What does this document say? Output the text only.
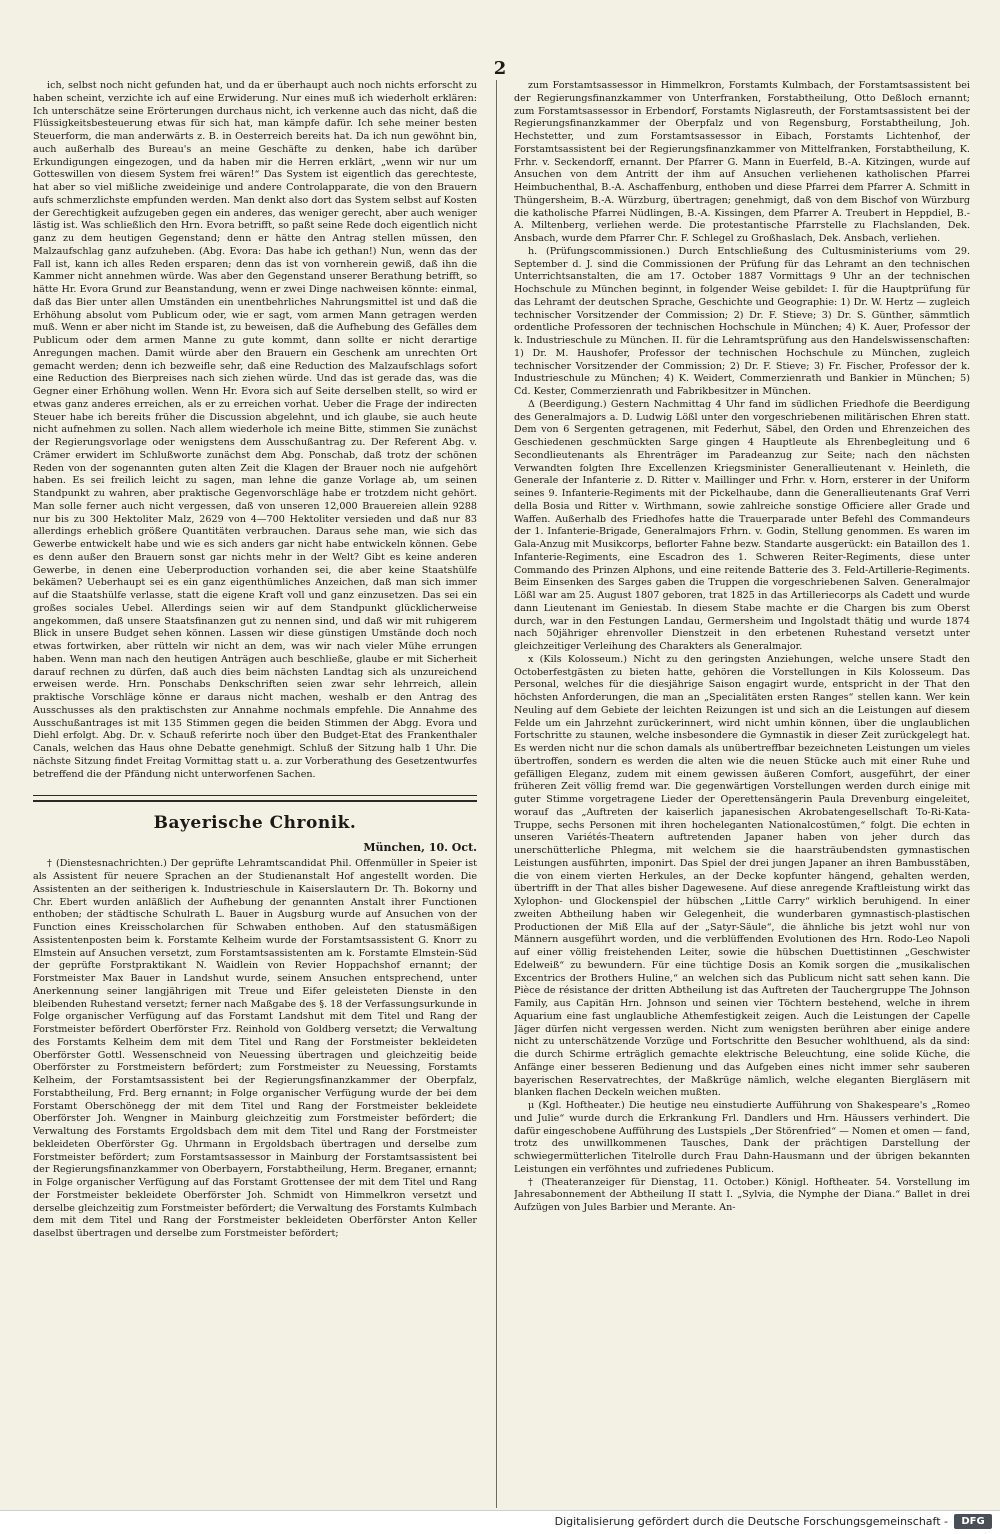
2

ich, selbst noch nicht gefunden hat, und da er überhaupt auch noch nichts erforscht zu haben scheint, verzichte ich auf eine Erwiderung. Nur eines muß ich wiederholt erklären: Ich unterschätze seine Erörterungen durchaus nicht, ich verkenne auch das nicht, daß die Flüssigkeitsbesteuerung etwas für sich hat, man kämpfe dafür. Ich sehe meiner besten Steuerform, die man anderwärts z. B. in Oesterreich bereits hat. Da ich nun gewöhnt bin, auch außerhalb des Bureau's an meine Geschäfte zu denken, habe ich darüber Erkundigungen eingezogen, und da haben mir die Herren erklärt, „wenn wir nur um Gotteswillen von diesem System frei wären!“ Das System ist eigentlich das gerechteste, hat aber so viel mißliche zweideinige und andere Controlapparate, die von den Brauern aufs schmerzlichste empfunden werden. Man denkt also dort das System selbst auf Kosten der Gerechtigkeit aufzugeben gegen ein anderes, das weniger gerecht, aber auch weniger lästig ist. Was schließlich den Hrn. Evora betrifft, so paßt seine Rede doch eigentlich nicht ganz zu dem heutigen Gegenstand; denn er hätte den Antrag stellen müssen, den Malzaufschlag ganz aufzuheben. (Abg. Evora: Das habe ich gethan!) Nun, wenn das der Fall ist, kann ich alles Reden ersparen; denn das ist von vornherein gewiß, daß ihn die Kammer nicht annehmen würde. Was aber den Gegenstand unserer Berathung betrifft, so hätte Hr. Evora Grund zur Beanstandung, wenn er zwei Dinge nachweisen könnte: einmal, daß das Bier unter allen Umständen ein unentbehrliches Nahrungsmittel ist und daß die Erhöhung absolut vom Publicum oder, wie er sagt, vom armen Mann getragen werden muß. Wenn er aber nicht im Stande ist, zu beweisen, daß die Aufhebung des Gefälles dem Publicum oder dem armen Manne zu gute kommt, dann sollte er nicht derartige Anregungen machen. Damit würde aber den Brauern ein Geschenk am unrechten Ort gemacht werden; denn ich bezweifle sehr, daß eine Reduction des Malzaufschlags sofort eine Reduction des Bierpreises nach sich ziehen würde. Und das ist gerade das, was die Gegner einer Erhöhung wollen. Wenn Hr. Evora sich auf Seite derselben stellt, so wird er etwas ganz anderes erreichen, als er zu erreichen vorhat. Ueber die Frage der indirecten Steuer habe ich bereits früher die Discussion abgelehnt, und ich glaube, sie auch heute nicht aufnehmen zu sollen. Nach allem wiederhole ich meine Bitte, stimmen Sie zunächst der Regierungsvorlage oder wenigstens dem Ausschußantrag zu. Der Referent Abg. v. Crämer erwidert im Schlußworte zunächst dem Abg. Ponschab, daß trotz der schönen Reden von der sogenannten guten alten Zeit die Klagen der Brauer noch nie aufgehört haben. Es sei freilich leicht zu sagen, man lehne die ganze Vorlage ab, um seinen Standpunkt zu wahren, aber praktische Gegenvorschläge habe er trotzdem nicht gehört. Man solle ferner auch nicht vergessen, daß von unseren 12,000 Brauereien allein 9288 nur bis zu 300 Hektoliter Malz, 2629 von 4—700 Hektoliter versieden und daß nur 83 allerdings erheblich größere Quantitäten verbrauchen. Daraus sehe man, wie sich das Gewerbe entwickelt habe und wie es sich anders gar nicht habe entwickeln können. Gebe es denn außer den Brauern sonst gar nichts mehr in der Welt? Gibt es keine anderen Gewerbe, in denen eine Ueberproduction vorhanden sei, die aber keine Staatshülfe bekämen? Ueberhaupt sei es ein ganz eigenthümliches Anzeichen, daß man sich immer auf die Staatshülfe verlasse, statt die eigene Kraft voll und ganz einzusetzen. Das sei ein großes sociales Uebel. Allerdings seien wir auf dem Standpunkt glücklicherweise angekommen, daß unsere Staatsfinanzen gut zu nennen sind, und daß wir mit ruhigerem Blick in unsere Budget sehen können. Lassen wir diese günstigen Umstände doch noch etwas fortwirken, aber rütteln wir nicht an dem, was wir nach vieler Mühe errungen haben. Wenn man nach den heutigen Anträgen auch beschließe, glaube er mit Sicherheit darauf rechnen zu dürfen, daß auch dies beim nächsten Landtag sich als unzureichend erweisen werde. Hrn. Ponschabs Denkschriften seien zwar sehr lehrreich, allein praktische Vorschläge könne er daraus nicht machen, weshalb er den Antrag des Ausschusses als den praktischsten zur Annahme nochmals empfehle. Die Annahme des Ausschußantrages ist mit 135 Stimmen gegen die beiden Stimmen der Abgg. Evora und Diehl erfolgt. Abg. Dr. v. Schauß referirte noch über den Budget-Etat des Frankenthaler Canals, welchen das Haus ohne Debatte genehmigt. Schluß der Sitzung halb 1 Uhr. Die nächste Sitzung findet Freitag Vormittag statt u. a. zur Vorberathung des Gesetzentwurfes betreffend die der Pfändung nicht unterworfenen Sachen.

Bayerische Chronik.
München, 10. Oct.

† (Dienstesnachrichten.) Der geprüfte Lehramtscandidat Phil. Offenmüller in Speier ist als Assistent für neuere Sprachen an der Studienanstalt Hof angestellt worden. Die Assistenten an der seitherigen k. Industrieschule in Kaiserslautern Dr. Th. Bokorny und Chr. Ebert wurden anläßlich der Aufhebung der genannten Anstalt ihrer Functionen enthoben; der städtische Schulrath L. Bauer in Augsburg wurde auf Ansuchen von der Function eines Kreisscholarchen für Schwaben enthoben. Auf den statusmäßigen Assistentenposten beim k. Forstamte Kelheim wurde der Forstamtsassistent G. Knorr zu Elmstein auf Ansuchen versetzt, zum Forstamtsassistenten am k. Forstamte Elmstein-Süd der geprüfte Forstpraktikant N. Waidlein von Revier Hoppachshof ernannt; der Forstmeister Max Bauer in Landshut wurde, seinem Ansuchen entsprechend, unter Anerkennung seiner langjährigen mit Treue und Eifer geleisteten Dienste in den bleibenden Ruhestand versetzt; ferner nach Maßgabe des §. 18 der Verfassungsurkunde in Folge organischer Verfügung auf das Forstamt Landshut mit dem Titel und Rang der Forstmeister befördert Oberförster Frz. Reinhold von Goldberg versetzt; die Verwaltung des Forstamts Kelheim dem mit dem Titel und Rang der Forstmeister bekleideten Oberförster Gottl. Wessenschneid von Neuessing übertragen und gleichzeitig beide Oberförster zu Forstmeistern befördert; zum Forstmeister zu Neuessing, Forstamts Kelheim, der Forstamtsassistent bei der Regierungsfinanzkammer der Oberpfalz, Forstabtheilung, Frd. Berg ernannt; in Folge organischer Verfügung wurde der bei dem Forstamt Oberschönegg der mit dem Titel und Rang der Forstmeister bekleidete Oberförster Joh. Wengner in Mainburg gleichzeitig zum Forstmeister befördert; die Verwaltung des Forstamts Ergoldsbach dem mit dem Titel und Rang der Forstmeister bekleideten Oberförster Gg. Uhrmann in Ergoldsbach übertragen und derselbe zum Forstmeister befördert; zum Forstamtsassessor in Mainburg der Forstamtsassistent bei der Regierungsfinanzkammer von Oberbayern, Forstabtheilung, Herm. Breganer, ernannt; in Folge organischer Verfügung auf das Forstamt Grottensee der mit dem Titel und Rang der Forstmeister bekleidete Oberförster Joh. Schmidt von Himmelkron versetzt und derselbe gleichzeitig zum Forstmeister befördert; die Verwaltung des Forstamts Kulmbach dem mit dem Titel und Rang der Forstmeister bekleideten Oberförster Anton Keller daselbst übertragen und derselbe zum Forstmeister befördert;

zum Forstamtsassessor in Himmelkron, Forstamts Kulmbach, der Forstamtsassistent bei der Regierungsfinanzkammer von Unterfranken, Forstabtheilung, Otto Deßloch ernannt; zum Forstamtsassessor in Erbendorf, Forstamts Niglasreuth, der Forstamtsassistent bei der Regierungsfinanzkammer der Oberpfalz und von Regensburg, Forstabtheilung, Joh. Hechstetter, und zum Forstamtsassessor in Eibach, Forstamts Lichtenhof, der Forstamtsassistent bei der Regierungsfinanzkammer von Mittelfranken, Forstabtheilung, K. Frhr. v. Seckendorff, ernannt. Der Pfarrer G. Mann in Euerfeld, B.-A. Kitzingen, wurde auf Ansuchen von dem Antritt der ihm auf Ansuchen verliehenen katholischen Pfarrei Heimbuchenthal, B.-A. Aschaffenburg, enthoben und diese Pfarrei dem Pfarrer A. Schmitt in Thüngersheim, B.-A. Würzburg, übertragen; genehmigt, daß von dem Bischof von Würzburg die katholische Pfarrei Nüdlingen, B.-A. Kissingen, dem Pfarrer A. Treubert in Heppdiel, B.-A. Miltenberg, verliehen werde. Die protestantische Pfarrstelle zu Flachslanden, Dek. Ansbach, wurde dem Pfarrer Chr. F. Schlegel zu Großhaslach, Dek. Ansbach, verliehen.

h. (Prüfungscommissionen.) Durch Entschließung des Cultusministeriums vom 29. September d. J. sind die Commissionen der Prüfung für das Lehramt an den technischen Unterrichtsanstalten, die am 17. October 1887 Vormittags 9 Uhr an der technischen Hochschule zu München beginnt, in folgender Weise gebildet: I. für die Hauptprüfung für das Lehramt der deutschen Sprache, Geschichte und Geographie: 1) Dr. W. Hertz — zugleich technischer Vorsitzender der Commission; 2) Dr. F. Stieve; 3) Dr. S. Günther, sämmtlich ordentliche Professoren der technischen Hochschule in München; 4) K. Auer, Professor der k. Industrieschule zu München. II. für die Lehramtsprüfung aus den Handelswissenschaften: 1) Dr. M. Haushofer, Professor der technischen Hochschule zu München, zugleich technischer Vorsitzender der Commission; 2) Dr. F. Stieve; 3) Fr. Fischer, Professor der k. Industrieschule zu München; 4) K. Weidert, Commerzienrath und Bankier in München; 5) Cd. Kester, Commerzienrath und Fabrikbesitzer in München.

Δ (Beerdigung.) Gestern Nachmittag 4 Uhr fand im südlichen Friedhofe die Beerdigung des Generalmajors a. D. Ludwig Lößl unter den vorgeschriebenen militärischen Ehren statt. Dem von 6 Sergenten getragenen, mit Federhut, Säbel, den Orden und Ehrenzeichen des Geschiedenen geschmückten Sarge gingen 4 Hauptleute als Ehrenbegleitung und 6 Secondlieutenants als Ehrenträger im Paradeanzug zur Seite; nach den nächsten Verwandten folgten Ihre Excellenzen Kriegsminister Generallieutenant v. Heinleth, die Generale der Infanterie z. D. Ritter v. Maillinger und Frhr. v. Horn, ersterer in der Uniform seines 9. Infanterie-Regiments mit der Pickelhaube, dann die Generallieutenants Graf Verri della Bosia und Ritter v. Wirthmann, sowie zahlreiche sonstige Officiere aller Grade und Waffen. Außerhalb des Friedhofes hatte die Trauerparade unter Befehl des Commandeurs der 1. Infanterie-Brigade, Generalmajors Frhrn. v. Godin, Stellung genommen. Es waren im Gala-Anzug mit Musikcorps, beflorter Fahne bezw. Standarte ausgerückt: ein Bataillon des 1. Infanterie-Regiments, eine Escadron des 1. Schweren Reiter-Regiments, diese unter Commando des Prinzen Alphons, und eine reitende Batterie des 3. Feld-Artillerie-Regiments. Beim Einsenken des Sarges gaben die Truppen die vorgeschriebenen Salven. Generalmajor Lößl war am 25. August 1807 geboren, trat 1825 in das Artilleriecorps als Cadett und wurde dann Lieutenant im Geniestab. In diesem Stabe machte er die Chargen bis zum Oberst durch, war in den Festungen Landau, Germersheim und Ingolstadt thätig und wurde 1874 nach 50jähriger ehrenvoller Dienstzeit in den erbetenen Ruhestand versetzt unter gleichzeitiger Verleihung des Charakters als Generalmajor.

x (Kils Kolosseum.) Nicht zu den geringsten Anziehungen, welche unsere Stadt den Octoberfestgästen zu bieten hatte, gehören die Vorstellungen in Kils Kolosseum. Das Personal, welches für die diesjährige Saison engagirt wurde, entspricht in der That den höchsten Anforderungen, die man an „Specialitäten ersten Ranges“ stellen kann. Wer kein Neuling auf dem Gebiete der leichten Reizungen ist und sich an die Leistungen auf diesem Felde um ein Jahrzehnt zurückerinnert, wird nicht umhin können, über die unglaublichen Fortschritte zu staunen, welche insbesondere die Gymnastik in dieser Zeit zurückgelegt hat. Es werden nicht nur die schon damals als unübertreffbar bezeichneten Leistungen um vieles übertroffen, sondern es werden die alten wie die neuen Stücke auch mit einer Ruhe und gefälligen Eleganz, zudem mit einem gewissen äußeren Comfort, ausgeführt, der einer früheren Zeit völlig fremd war. Die gegenwärtigen Vorstellungen werden durch einige mit guter Stimme vorgetragene Lieder der Operettensängerin Paula Drevenburg eingeleitet, worauf das „Auftreten der kaiserlich japanesischen Akrobatengesellschaft To-Ri-Kata-Truppe, sechs Personen mit ihren hocheleganten Nationalcostümen,“ folgt. Die echten in unseren Variétés-Theatern auftretenden Japaner haben von jeher durch das unerschütterliche Phlegma, mit welchem sie die haarsträubendsten gymnastischen Leistungen ausführten, imponirt. Das Spiel der drei jungen Japaner an ihren Bambusstäben, die von einem vierten Herkules, an der Decke kopfunter hängend, gehalten werden, übertrifft in der That alles bisher Dagewesene. Auf diese anregende Kraftleistung wirkt das Xylophon- und Glockenspiel der hübschen „Little Carry“ wirklich beruhigend. In einer zweiten Abtheilung haben wir Gelegenheit, die wunderbaren gymnastisch-plastischen Productionen der Miß Ella auf der „Satyr-Säule“, die ähnliche bis jetzt wohl nur von Männern ausgeführt worden, und die verblüffenden Evolutionen des Hrn. Rodo-Leo Napoli auf einer völlig freistehenden Leiter, sowie die hübschen Duettistinnen „Geschwister Edelweiß“ zu bewundern. Für eine tüchtige Dosis an Komik sorgen die „musikalischen Excentrics der Brothers Huline,“ an welchen sich das Publicum nicht satt sehen kann. Die Pièce de résistance der dritten Abtheilung ist das Auftreten der Tauchergruppe The Johnson Family, aus Capitän Hrn. Johnson und seinen vier Töchtern bestehend, welche in ihrem Aquarium eine fast unglaubliche Athemfestigkeit zeigen. Auch die Leistungen der Capelle Jäger dürfen nicht vergessen werden. Nicht zum wenigsten berühren aber einige andere nicht zu unterschätzende Vorzüge und Fortschritte den Besucher wohlthuend, als da sind: die durch Schirme erträglich gemachte elektrische Beleuchtung, eine solide Küche, die Anfänge einer besseren Bedienung und das Aufgeben eines nicht immer sehr sauberen bayerischen Reservatrechtes, der Maßkrüge nämlich, welche eleganten Biergläsern mit blanken flachen Deckeln weichen mußten.

μ (Kgl. Hoftheater.) Die heutige neu einstudierte Aufführung von Shakespeare's „Romeo und Julie“ wurde durch die Erkrankung Frl. Dandlers und Hrn. Häussers verhindert. Die dafür eingeschobene Aufführung des Lustspiels „Der Störenfried“ — Nomen et omen — fand, trotz des unwillkommenen Tausches, Dank der prächtigen Darstellung der schwiegermütterlichen Titelrolle durch Frau Dahn-Hausmann und der übrigen bekannten Leistungen ein verföhntes und zufriedenes Publicum.

† (Theateranzeiger für Dienstag, 11. October.) Königl. Hoftheater. 54. Vorstellung im Jahresabonnement der Abtheilung II statt I. „Sylvia, die Nymphe der Diana.“ Ballet in drei Aufzügen von Jules Barbier und Merante. An-

Digitalisierung gefördert durch die Deutsche Forschungsgemeinschaft -	DFG
